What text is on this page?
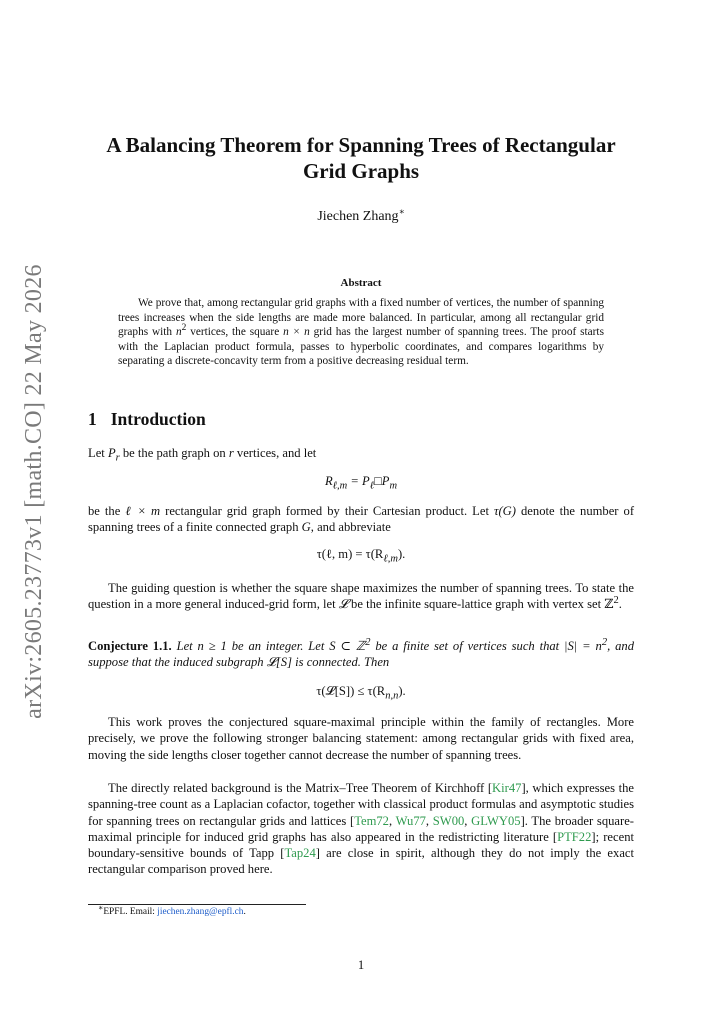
arXiv:2605.23773v1 [math.CO] 22 May 2026
A Balancing Theorem for Spanning Trees of Rectangular
Grid Graphs

Jiechen Zhang∗

Abstract

We prove that, among rectangular grid graphs with a fixed number of vertices, the number of spanning trees increases when the side lengths are made more balanced. In particular, among all rectangular grid graphs with $n^2$ vertices, the square n × n grid has the largest number of spanning trees. The proof starts with the Laplacian product formula, passes to hyperbolic coordinates, and compares logarithms by separating a discrete-concavity term from a positive decreasing residual term.

1 Introduction

Let $P_r$ be the path graph on r vertices, and let

$R_{\ell,m}$ = $P_\ell□P_m$

be the ℓ × m rectangular grid graph formed by their Cartesian product. Let τ(G) denote the number of spanning trees of a finite connected graph G, and abbreviate

τ(ℓ, $m) = \tau(R_{\ell,m})$.

The guiding question is whether the square shape maximizes the number of spanning trees. To state the question in a more general induced-grid form, let 𝓛 be the infinite square-lattice graph with vertex set ℤ$^2$.

Conjecture 1.1. Let n ≥ 1 be an integer. Let S ⊂ ℤ$^2$ be a finite set of vertices such that $|S| = n^2$, and suppose that the induced subgraph 𝓛[S] is connected. Then

τ(𝓛[S]) ≤ $\tau(R_{n,n})$.

This work proves the conjectured square-maximal principle within the family of rectangles. More precisely, we prove the following stronger balancing statement: among rectangular grids with fixed area, moving the side lengths closer together cannot decrease the number of spanning trees.

The directly related background is the Matrix–Tree Theorem of Kirchhoff [Kir47], which expresses the spanning-tree count as a Laplacian cofactor, together with classical product formulas and asymptotic studies for spanning trees on rectangular grids and lattices [Tem72, Wu77, SW00, GLWY05]. The broader square-maximal principle for induced grid graphs has also appeared in the redistricting literature [PTF22]; recent boundary-sensitive bounds of Tapp [Tap24] are close in spirit, although they do not imply the exact rectangular comparison proved here.

∗EPFL. Email: jiechen.zhang@epfl.ch.

1
